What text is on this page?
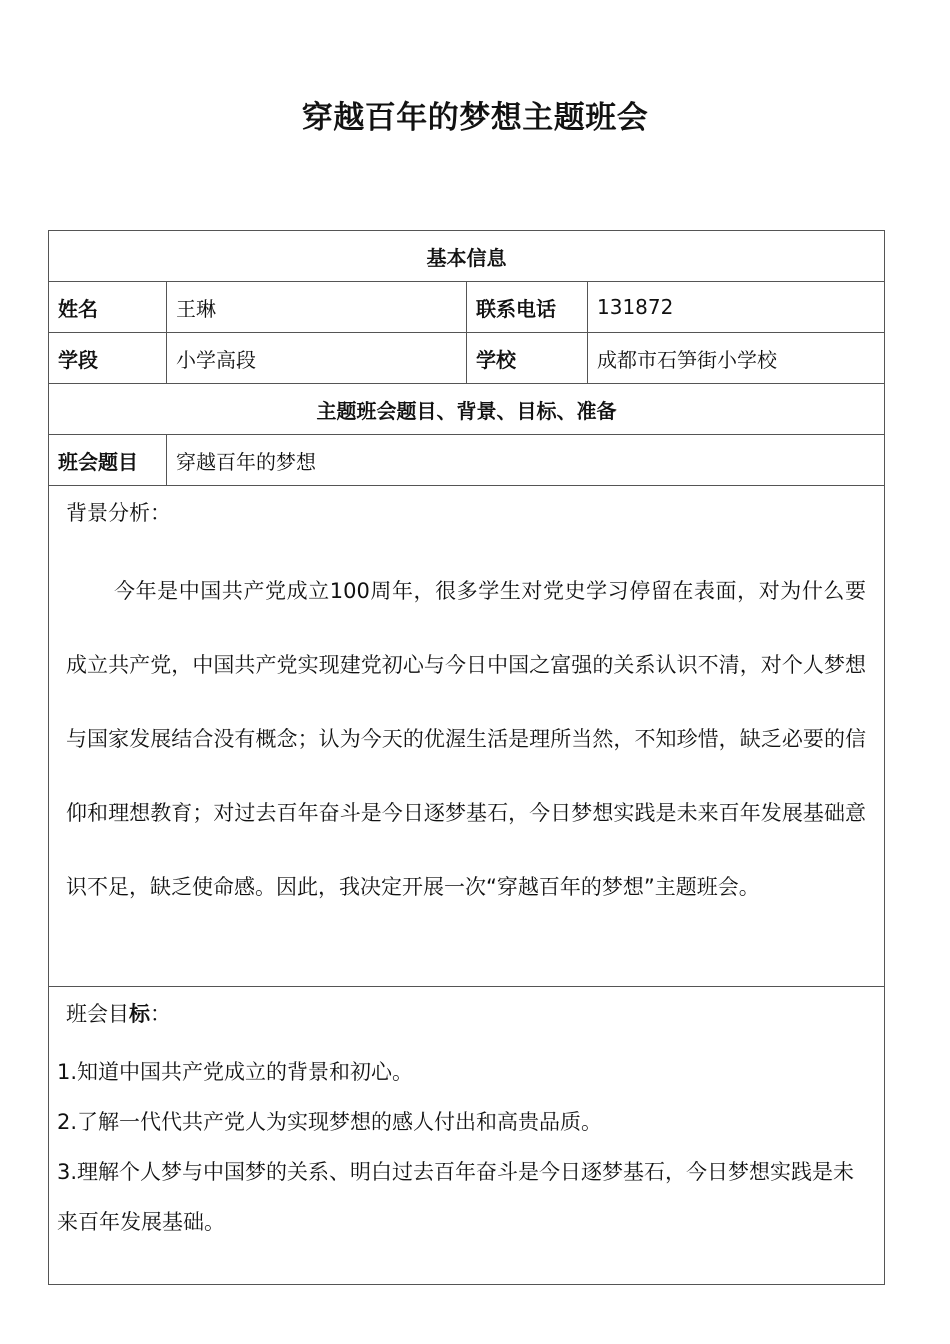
穿越百年的梦想主题班会
基本信息			
姓名	王琳	联系电话	131872
学段	小学高段	学校	成都市石笋街小学校
主题班会题目、背景、目标、准备			
班会题目	穿越百年的梦想		

背景分析：
今年是中国共产党成立100周年，很多学生对党史学习停留在表面，对为什么要成立共产党，中国共产党实现建党初心与今日中国之富强的关系认识不清，对个人梦想与国家发展结合没有概念；认为今天的优渥生活是理所当然，不知珍惜，缺乏必要的信仰和理想教育；对过去百年奋斗是今日逐梦基石，今日梦想实践是未来百年发展基础意识不足，缺乏使命感。因此，我决定开展一次“穿越百年的梦想”主题班会。			

班会目标：
1.知道中国共产党成立的背景和初心。
2.了解一代代共产党人为实现梦想的感人付出和高贵品质。
3.理解个人梦与中国梦的关系、明白过去百年奋斗是今日逐梦基石，今日梦想实践是未来百年发展基础。			
